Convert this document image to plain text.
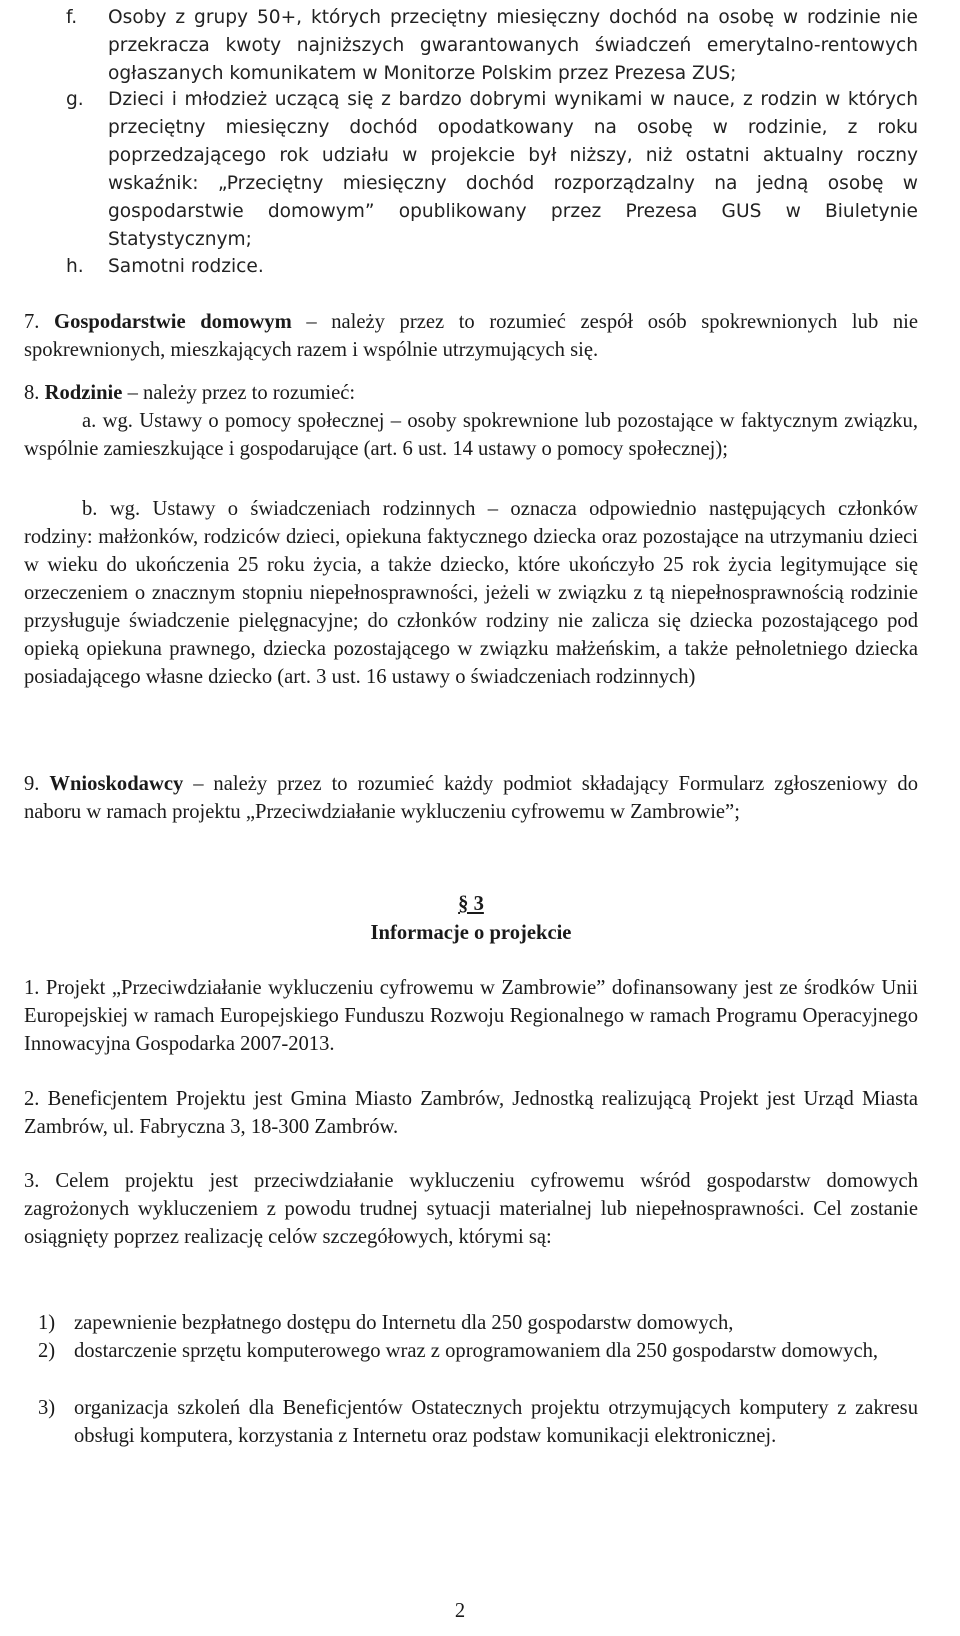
f. Osoby z grupy 50+, których przeciętny miesięczny dochód na osobę w rodzinie nie przekracza kwoty najniższych gwarantowanych świadczeń emerytalno-rentowych ogłaszanych komunikatem w Monitorze Polskim przez Prezesa ZUS;
g. Dzieci i młodzież uczącą się z bardzo dobrymi wynikami w nauce, z rodzin w których przeciętny miesięczny dochód opodatkowany na osobę w rodzinie, z roku poprzedzającego rok udziału w projekcie był niższy, niż ostatni aktualny roczny wskaźnik: „Przeciętny miesięczny dochód rozporządzalny na jedną osobę w gospodarstwie domowym” opublikowany przez Prezesa GUS w Biuletynie Statystycznym;
h. Samotni rodzice.
7. Gospodarstwie domowym – należy przez to rozumieć zespół osób spokrewnionych lub nie spokrewnionych, mieszkających razem i wspólnie utrzymujących się.
8. Rodzinie – należy przez to rozumieć:
a. wg. Ustawy o pomocy społecznej – osoby spokrewnione lub pozostające w faktycznym związku, wspólnie zamieszkujące i gospodarujące (art. 6 ust. 14 ustawy o pomocy społecznej);
b. wg. Ustawy o świadczeniach rodzinnych – oznacza odpowiednio następujących członków rodziny: małżonków, rodziców dzieci, opiekuna faktycznego dziecka oraz pozostające na utrzymaniu dzieci w wieku do ukończenia 25 roku życia, a także dziecko, które ukończyło 25 rok życia legitymujące się orzeczeniem o znacznym stopniu niepełnosprawności, jeżeli w związku z tą niepełnosprawnością rodzinie przysługuje świadczenie pielęgnacyjne; do członków rodziny nie zalicza się dziecka pozostającego pod opieką opiekuna prawnego, dziecka pozostającego w związku małżeńskim, a także pełnoletniego dziecka posiadającego własne dziecko (art. 3 ust. 16 ustawy o świadczeniach rodzinnych)
9. Wnioskodawcy – należy przez to rozumieć każdy podmiot składający Formularz zgłoszeniowy do naboru w ramach projektu „Przeciwdziałanie wykluczeniu cyfrowemu w Zambrowie”;
§ 3
Informacje o projekcie
1. Projekt „Przeciwdziałanie wykluczeniu cyfrowemu w Zambrowie” dofinansowany jest ze środków Unii Europejskiej w ramach Europejskiego Funduszu Rozwoju Regionalnego w ramach Programu Operacyjnego Innowacyjna Gospodarka 2007-2013.
2. Beneficjentem Projektu jest Gmina Miasto Zambrów, Jednostką realizującą Projekt jest Urząd Miasta Zambrów, ul. Fabryczna 3, 18-300 Zambrów.
3. Celem projektu jest przeciwdziałanie wykluczeniu cyfrowemu wśród gospodarstw domowych zagrożonych wykluczeniem z powodu trudnej sytuacji materialnej lub niepełnosprawności. Cel zostanie osiągnięty poprzez realizację celów szczegółowych, którymi są:
1) zapewnienie bezpłatnego dostępu do Internetu dla 250 gospodarstw domowych,
2) dostarczenie sprzętu komputerowego wraz z oprogramowaniem dla 250 gospodarstw domowych,
3) organizacja szkoleń dla Beneficjentów Ostatecznych projektu otrzymujących komputery z zakresu obsługi komputera, korzystania z Internetu oraz podstaw komunikacji elektronicznej.
2
